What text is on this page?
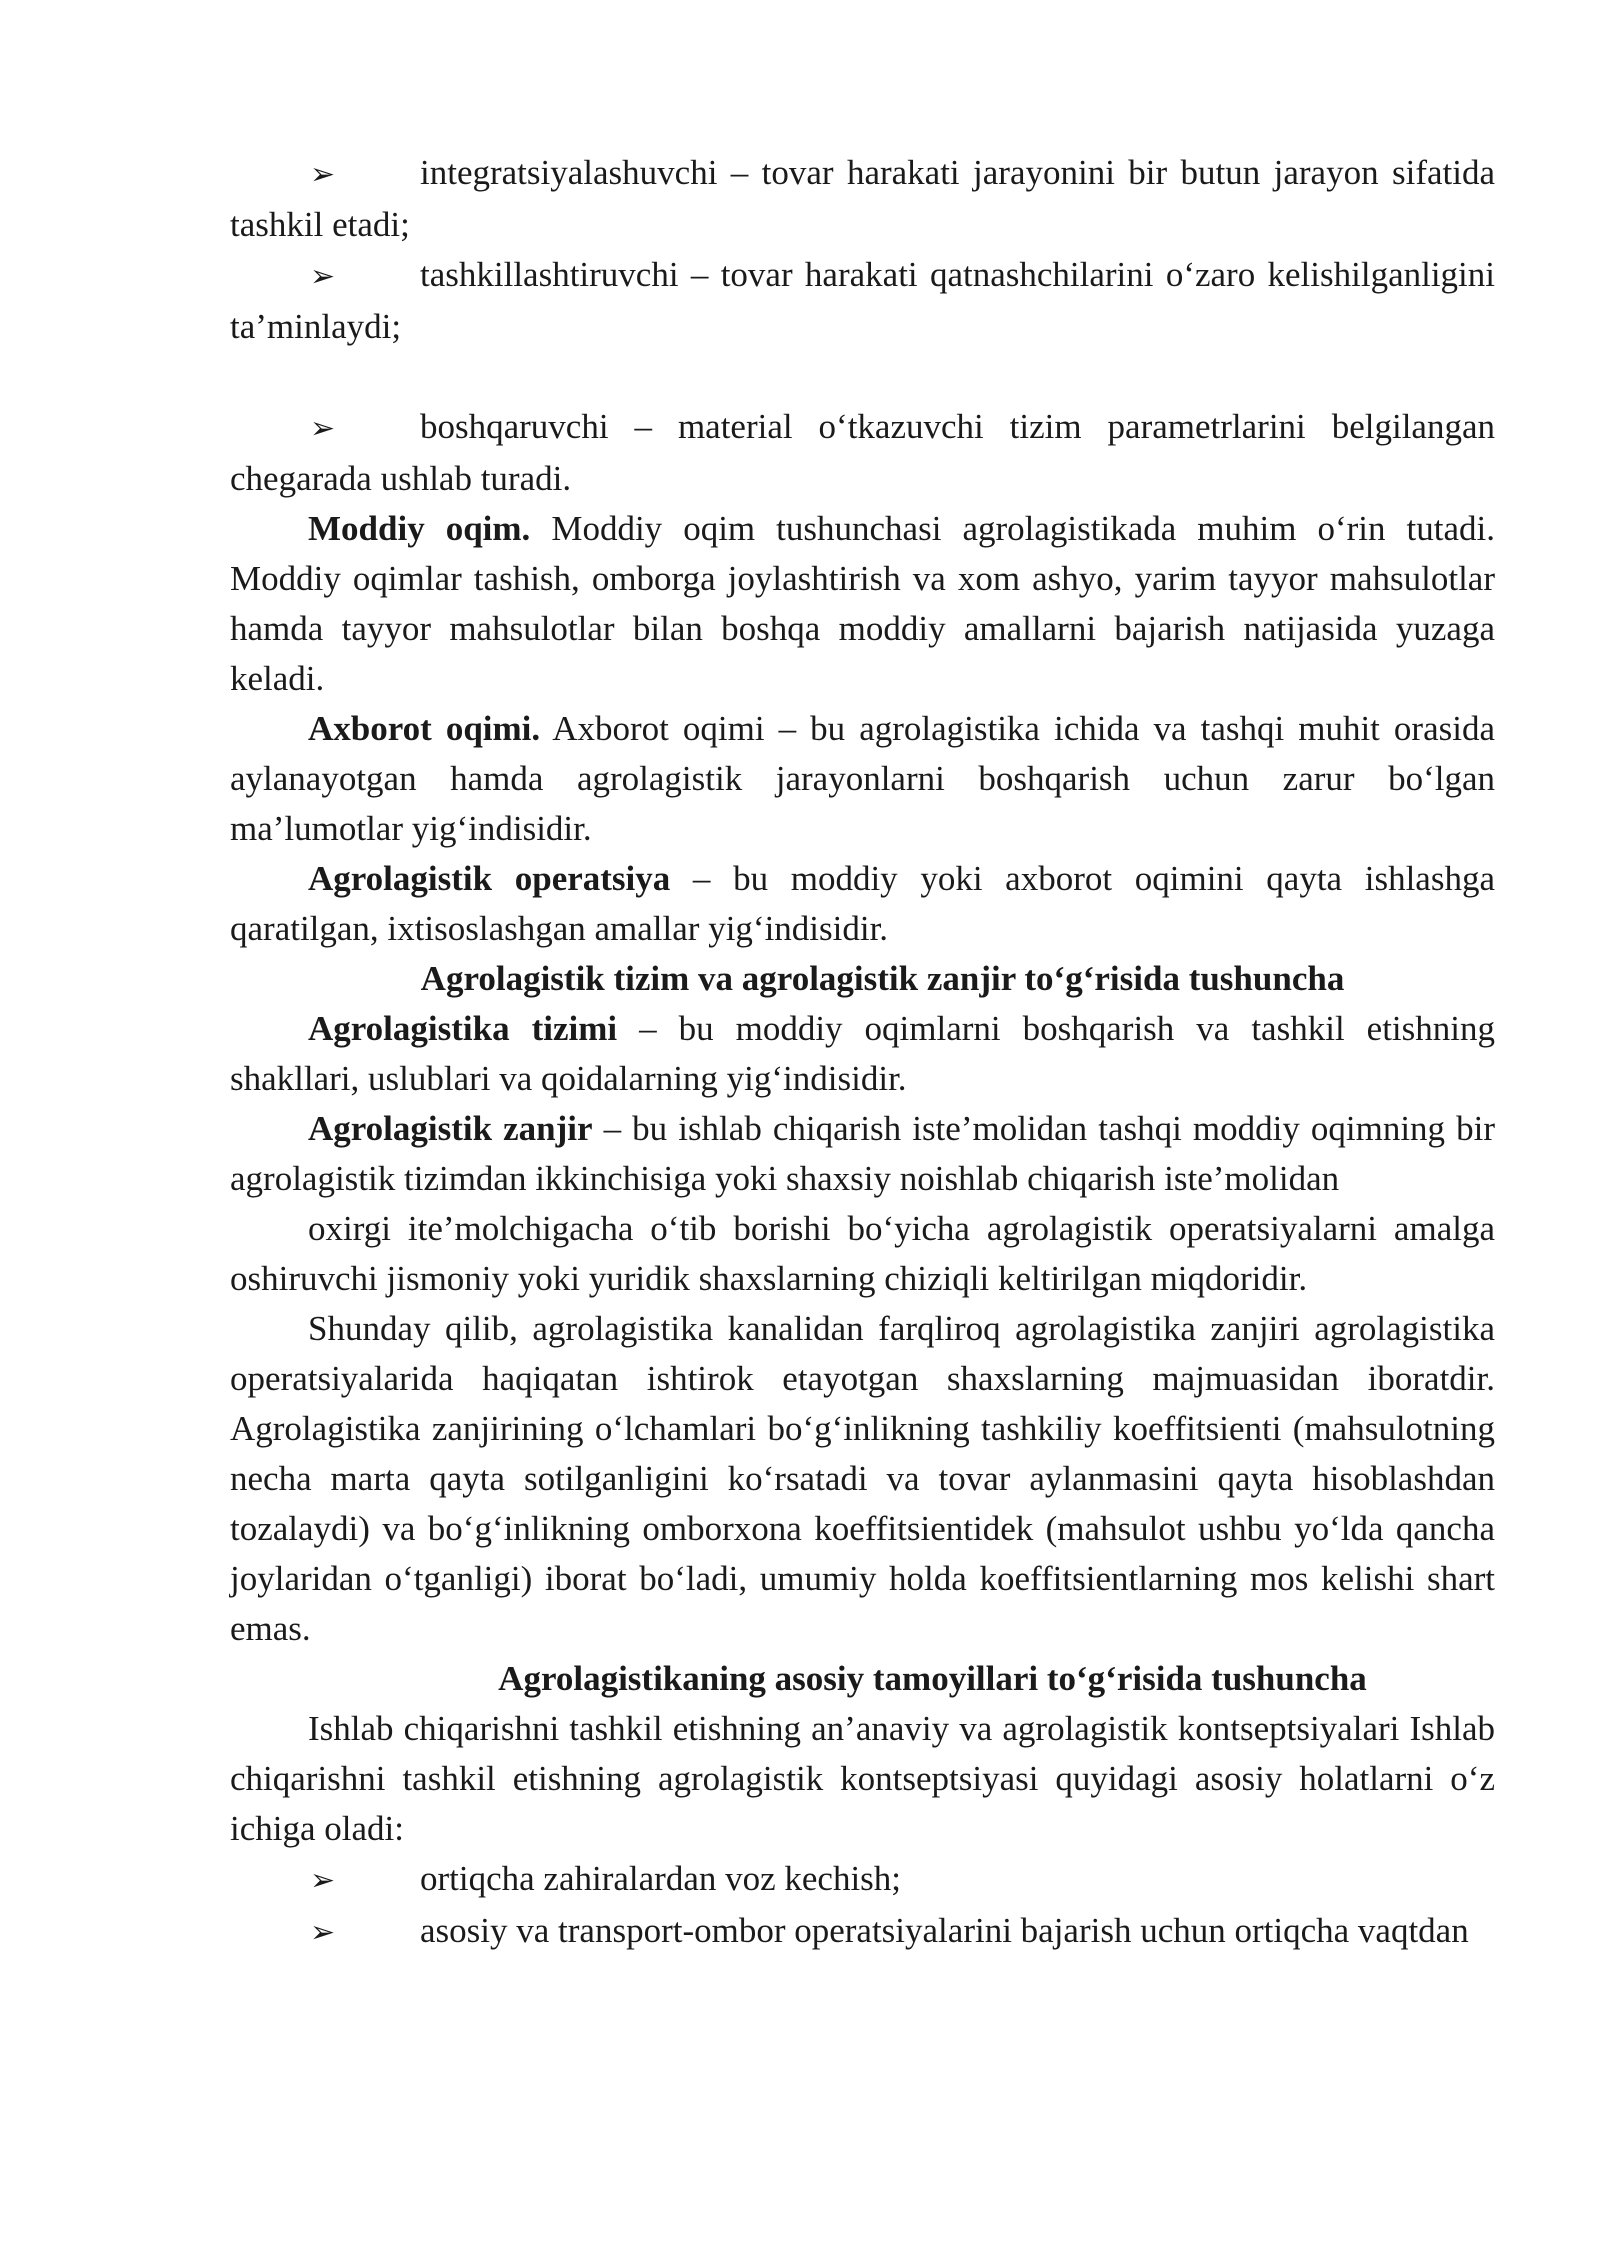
➢ integratsiyalashuvchi – tovar harakati jarayonini bir butun jarayon sifatida tashkil etadi;

➢ tashkillashtiruvchi – tovar harakati qatnashchilarini o‘zaro kelishilganligini ta’minlaydi;

➢ boshqaruvchi – material o‘tkazuvchi tizim parametrlarini belgilangan chegarada ushlab turadi.

Moddiy oqim. Moddiy oqim tushunchasi agrolagistikada muhim o‘rin tutadi. Moddiy oqimlar tashish, omborga joylashtirish va xom ashyo, yarim tayyor mahsulotlar hamda tayyor mahsulotlar bilan boshqa moddiy amallarni bajarish natijasida yuzaga keladi.

Axborot oqimi. Axborot oqimi – bu agrolagistika ichida va tashqi muhit orasida aylanayotgan hamda agrolagistik jarayonlarni boshqarish uchun zarur bo‘lgan ma’lumotlar yig‘indisidir.

Agrolagistik operatsiya – bu moddiy yoki axborot oqimini qayta ishlashga qaratilgan, ixtisoslashgan amallar yig‘indisidir.

Agrolagistik tizim va agrolagistik zanjir to‘g‘risida tushuncha

Agrolagistika tizimi – bu moddiy oqimlarni boshqarish va tashkil etishning shakllari, uslublari va qoidalarning yig‘indisidir.

Agrolagistik zanjir – bu ishlab chiqarish iste’molidan tashqi moddiy oqimning bir agrolagistik tizimdan ikkinchisiga yoki shaxsiy noishlab chiqarish iste’molidan

oxirgi ite’molchigacha o‘tib borishi bo‘yicha agrolagistik operatsiyalarni amalga oshiruvchi jismoniy yoki yuridik shaxslarning chiziqli keltirilgan miqdoridir.

Shunday qilib, agrolagistika kanalidan farqliroq agrolagistika zanjiri agrolagistika operatsiyalarida haqiqatan ishtirok etayotgan shaxslarning majmuasidan iboratdir. Agrolagistika zanjirining o‘lchamlari bo‘g‘inlikning tashkiliy koeffitsienti (mahsulotning necha marta qayta sotilganligini ko‘rsatadi va tovar aylanmasini qayta hisoblashdan tozalaydi) va bo‘g‘inlikning omborxona koeffitsientidek (mahsulot ushbu yo‘lda qancha joylaridan o‘tganligi) iborat bo‘ladi, umumiy holda koeffitsientlarning mos kelishi shart emas.

Agrolagistikaning asosiy tamoyillari to‘g‘risida tushuncha

Ishlab chiqarishni tashkil etishning an’anaviy va agrolagistik kontseptsiyalari Ishlab chiqarishni tashkil etishning agrolagistik kontseptsiyasi quyidagi asosiy holatlarni o‘z ichiga oladi:

➢ ortiqcha zahiralardan voz kechish;

➢ asosiy va transport-ombor operatsiyalarini bajarish uchun ortiqcha vaqtdan
